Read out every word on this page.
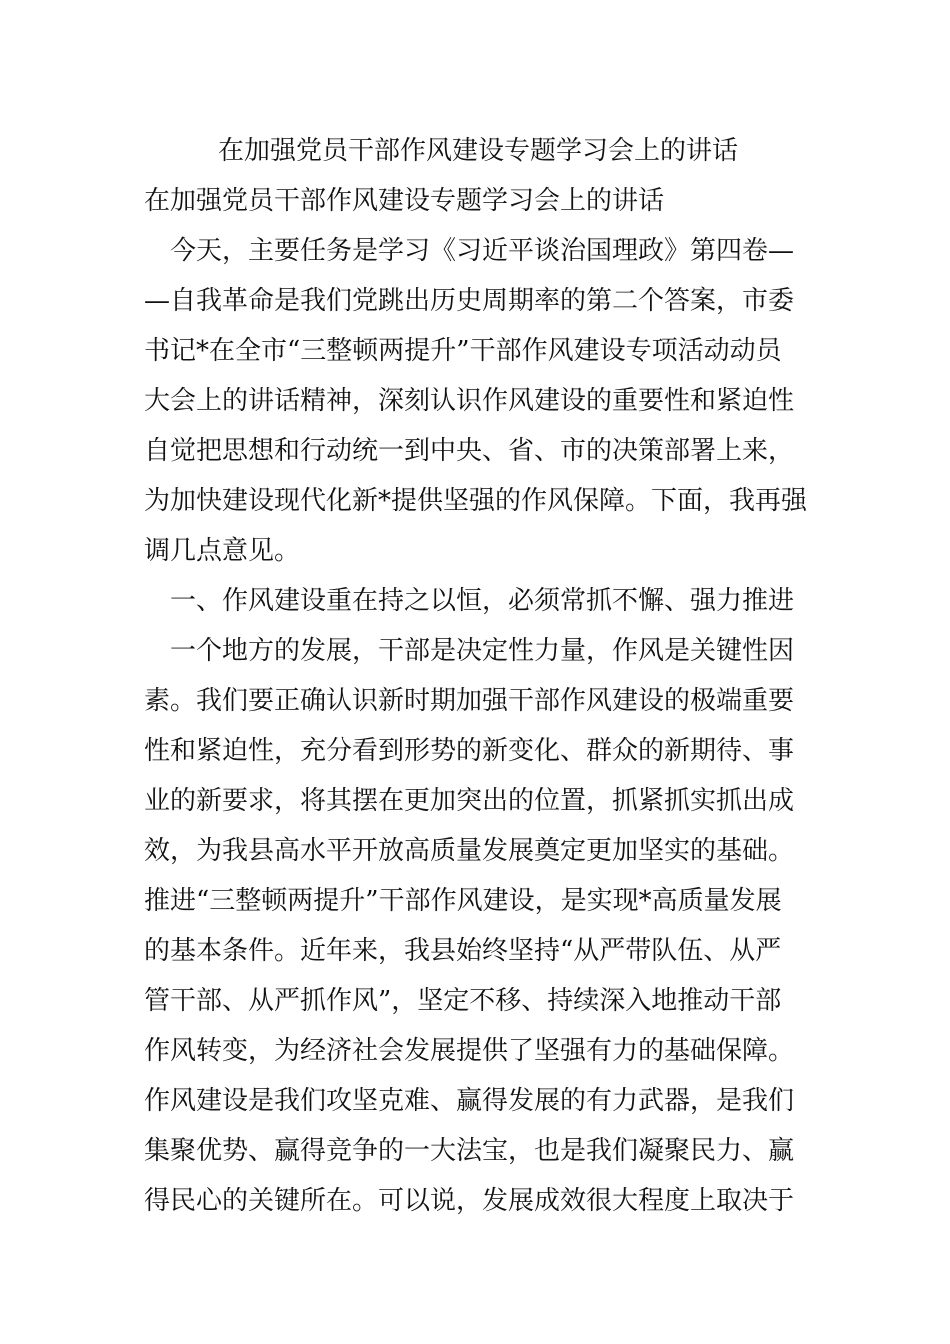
在加强党员干部作风建设专题学习会上的讲话
在加强党员干部作风建设专题学习会上的讲话
　今天，主要任务是学习《习近平谈治国理政》第四卷—
—自我革命是我们党跳出历史周期率的第二个答案，市委
书记*在全市“三整顿两提升”干部作风建设专项活动动员
大会上的讲话精神，深刻认识作风建设的重要性和紧迫性
自觉把思想和行动统一到中央、省、市的决策部署上来，
为加快建设现代化新*提供坚强的作风保障。下面，我再强
调几点意见。
　一、作风建设重在持之以恒，必须常抓不懈、强力推进
　一个地方的发展，干部是决定性力量，作风是关键性因
素。我们要正确认识新时期加强干部作风建设的极端重要
性和紧迫性，充分看到形势的新变化、群众的新期待、事
业的新要求，将其摆在更加突出的位置，抓紧抓实抓出成
效，为我县高水平开放高质量发展奠定更加坚实的基础。
推进“三整顿两提升”干部作风建设，是实现*高质量发展
的基本条件。近年来，我县始终坚持“从严带队伍、从严
管干部、从严抓作风”，坚定不移、持续深入地推动干部
作风转变，为经济社会发展提供了坚强有力的基础保障。
作风建设是我们攻坚克难、赢得发展的有力武器，是我们
集聚优势、赢得竞争的一大法宝，也是我们凝聚民力、赢
得民心的关键所在。可以说，发展成效很大程度上取决于
